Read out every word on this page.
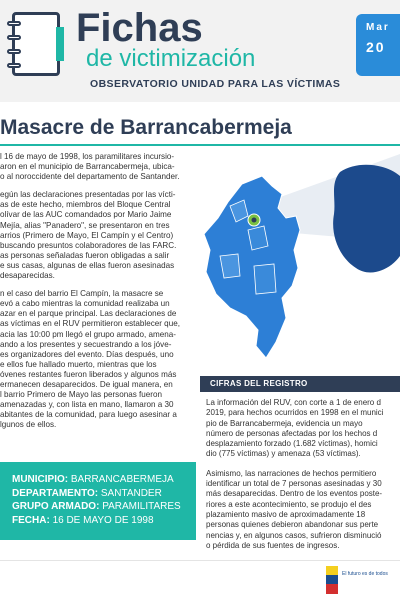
Fichas
de victimización
OBSERVATORIO UNIDAD PARA LAS VÍCTIMAS
Mar
20
Masacre de Barrancabermeja

l 16 de mayo de 1998, los paramilitares incursio-
aron en el municipio de Barrancabermeja, ubica-
o al noroccidente del departamento de Santander.

egún las declaraciones presentadas por las vícti-
as de este hecho, miembros del Bloque Central
olívar de las AUC comandados por Mario Jaime
Mejía, alias "Panadero", se presentaron en tres
arrios (Primero de Mayo, El Campín y el Centro)
buscando presuntos colaboradores de las FARC.
as personas señaladas fueron obligadas a salir
e sus casas, algunas de ellas fueron asesinadas
desaparecidas.

n el caso del barrio El Campín, la masacre se
evó a cabo mientras la comunidad realizaba un
azar en el parque principal. Las declaraciones de
as víctimas en el RUV permitieron establecer que,
acia las 10:00 pm llegó el grupo armado, amena-
ando a los presentes y secuestrando a los jóve-
es organizadores del evento. Días después, uno
e ellos fue hallado muerto, mientras que los
óvenes restantes fueron liberados y algunos más
ermanecen desaparecidos. De igual manera, en
l barrio Primero de Mayo las personas fueron
amenazadas y, con lista en mano, llamaron a 30
abitantes de la comunidad, para luego asesinar a
lgunos de ellos.

CIFRAS DEL REGISTRO

La información del RUV, con corte a 1 de enero d
2019, para hechos ocurridos en 1998 en el munici
pio de Barrancabermeja, evidencia un mayo
número de personas afectadas por los hechos d
desplazamiento forzado (1.682 víctimas), homici
dio (775 víctimas) y amenaza (53 víctimas).

Asimismo, las narraciones de hechos permitiero
identificar un total de 7 personas asesinadas y 30
más desaparecidas. Dentro de los eventos poste-
riores a este acontecimiento, se produjo el des
plazamiento masivo de aproximadamente 18
personas quienes debieron abandonar sus perte
nencias y, en algunos casos, sufrieron disminució
o pérdida de sus fuentes de ingresos.

MUNICIPIO: BARRANCABERMEJA
DEPARTAMENTO: SANTANDER
GRUPO ARMADO: PARAMILITARES
FECHA: 16 DE MAYO DE 1998
El futuro es de todos
